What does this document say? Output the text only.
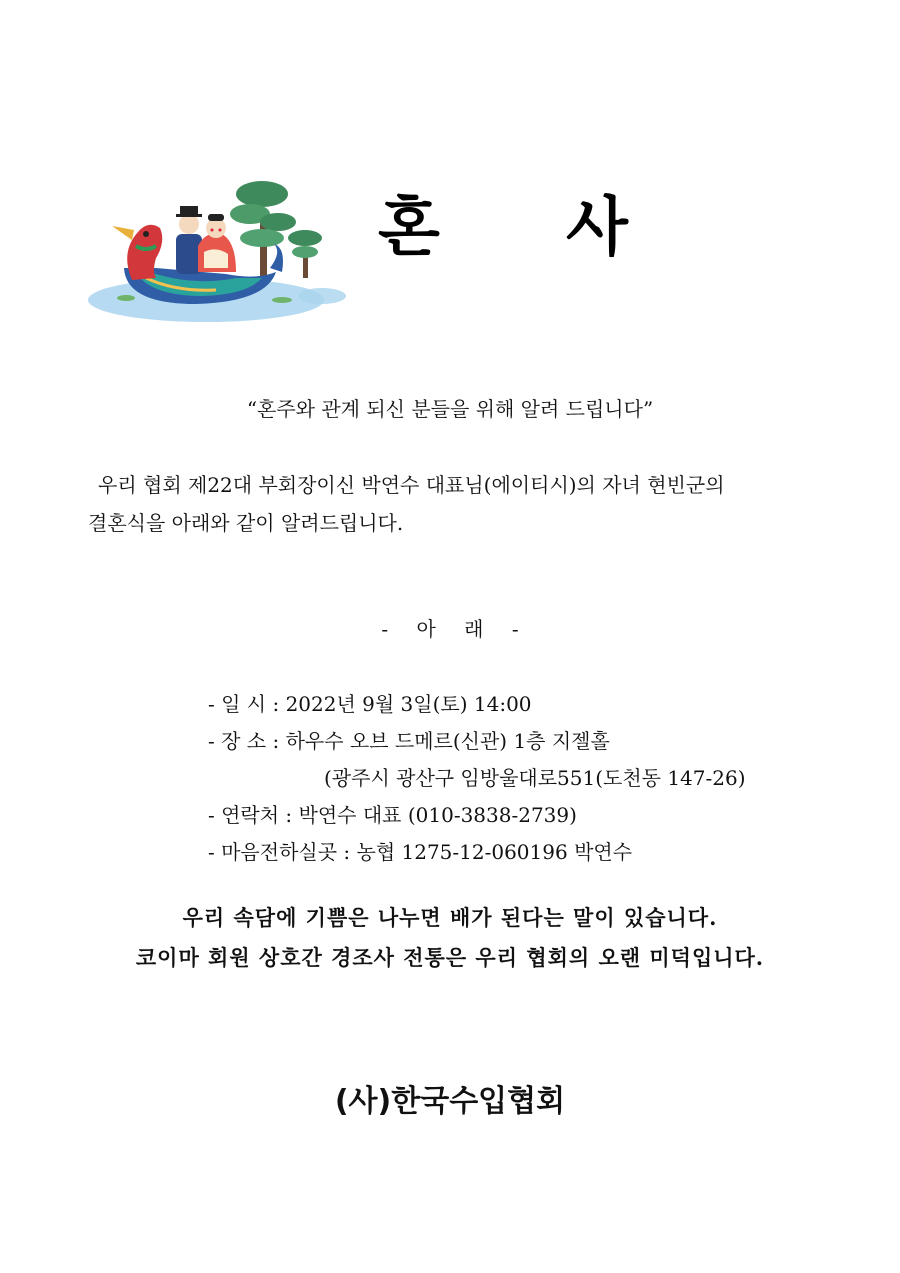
혼 사
“혼주와 관계 되신 분들을 위해 알려 드립니다”

우리 협회 제22대 부회장이신 박연수 대표님(에이티시)의 자녀 현빈군의

결혼식을 아래와 같이 알려드립니다.

- 아 래 -
- 일 시 : 2022년 9월 3일(토) 14:00
- 장 소 : 하우수 오브 드메르(신관) 1층 지젤홀
(광주시 광산구 임방울대로551(도천동 147-26)
- 연락처 : 박연수 대표 (010-3838-2739)
- 마음전하실곳 : 농협 1275-12-060196 박연수

우리 속담에 기쁨은 나누면 배가 된다는 말이 있습니다.

코이마 회원 상호간 경조사 전통은 우리 협회의 오랜 미덕입니다.

(사)한국수입협회
